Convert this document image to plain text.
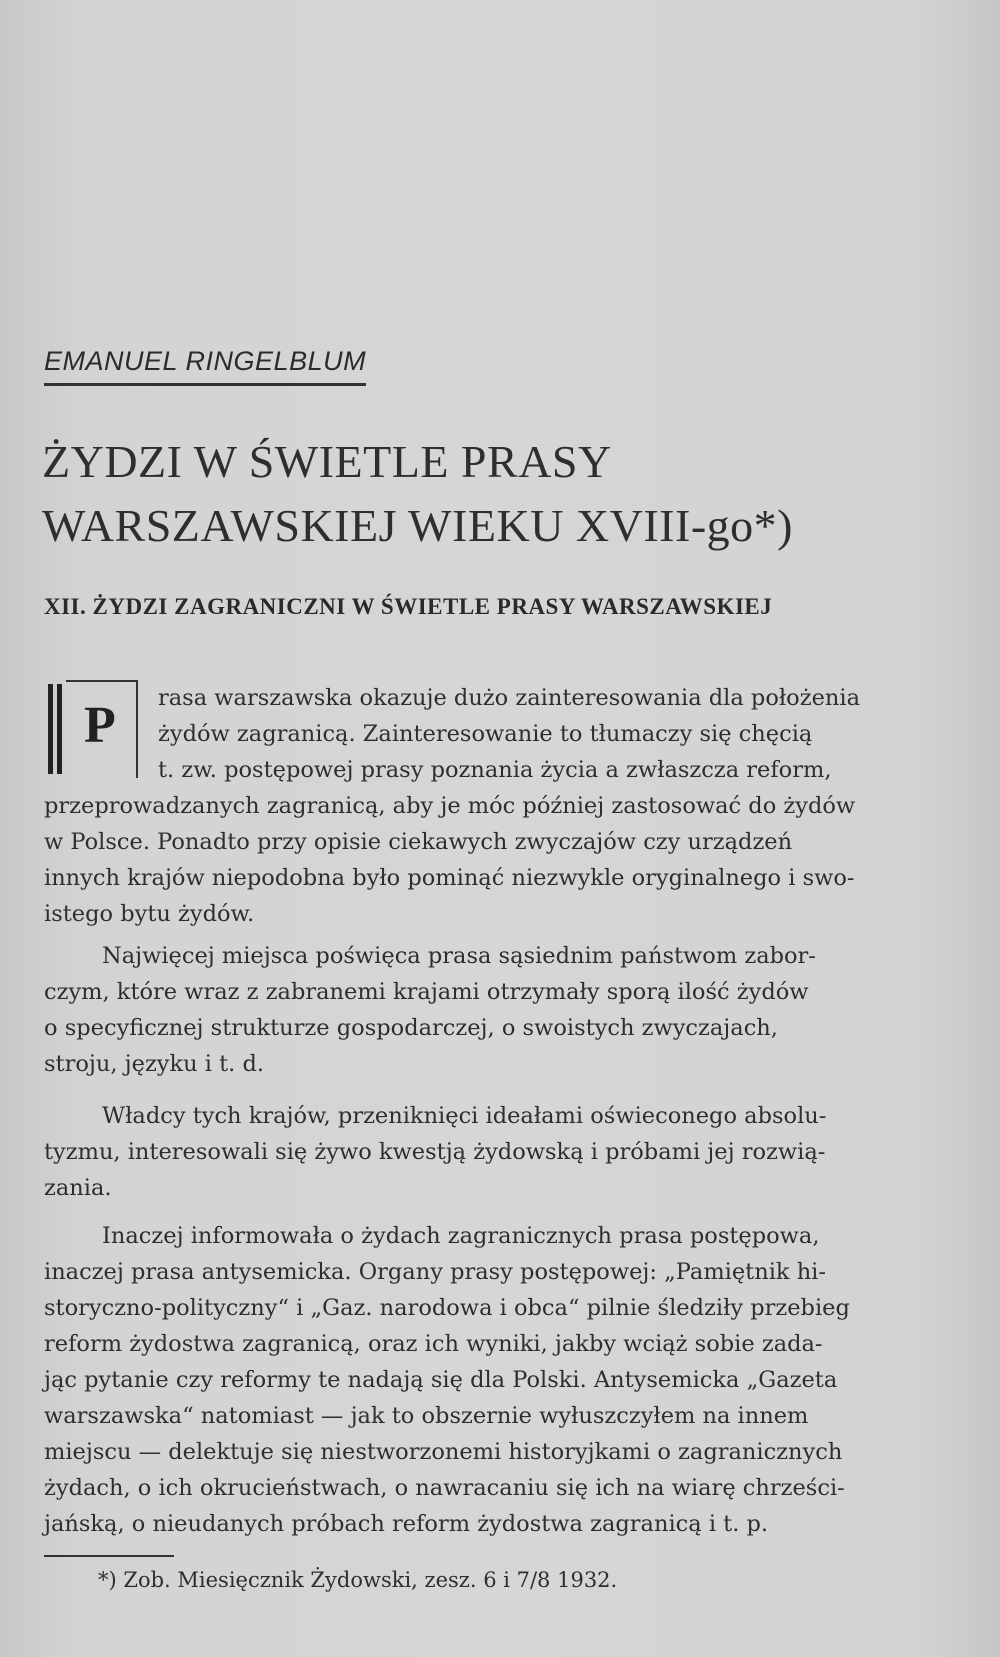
EMANUEL RINGELBLUM
ŻYDZI W ŚWIETLE PRASY
WARSZAWSKIEJ WIEKU XVIII-go*)
XII. ŻYDZI ZAGRANICZNI W ŚWIETLE PRASY WARSZAWSKIEJ
P rasa warszawska okazuje dużo zainteresowania dla położenia
żydów zagranicą. Zainteresowanie to tłumaczy się chęcią
t. zw. postępowej prasy poznania życia a zwłaszcza reform,
przeprowadzanych zagranicą, aby je móc później zastosować do żydów
w Polsce. Ponadto przy opisie ciekawych zwyczajów czy urządzeń
innych krajów niepodobna było pominąć niezwykle oryginalnego i swo-
istego bytu żydów.
Najwięcej miejsca poświęca prasa sąsiednim państwom zabor-
czym, które wraz z zabranemi krajami otrzymały sporą ilość żydów
o specyficznej strukturze gospodarczej, o swoistych zwyczajach,
stroju, języku i t. d.
Władcy tych krajów, przeniknięci ideałami oświeconego absolu-
tyzmu, interesowali się żywo kwestją żydowską i próbami jej rozwią-
zania.
Inaczej informowała o żydach zagranicznych prasa postępowa,
inaczej prasa antysemicka. Organy prasy postępowej: „Pamiętnik hi-
storyczno-polityczny“ i „Gaz. narodowa i obca“ pilnie śledziły przebieg
reform żydostwa zagranicą, oraz ich wyniki, jakby wciąż sobie zada-
jąc pytanie czy reformy te nadają się dla Polski. Antysemicka „Gazeta
warszawska“ natomiast — jak to obszernie wyłuszczyłem na innem
miejscu — delektuje się niestworzonemi historyjkami o zagranicznych
żydach, o ich okrucieństwach, o nawracaniu się ich na wiarę chrześci-
jańską, o nieudanych próbach reform żydostwa zagranicą i t. p.
*) Zob. Miesięcznik Żydowski, zesz. 6 i 7/8 1932.
